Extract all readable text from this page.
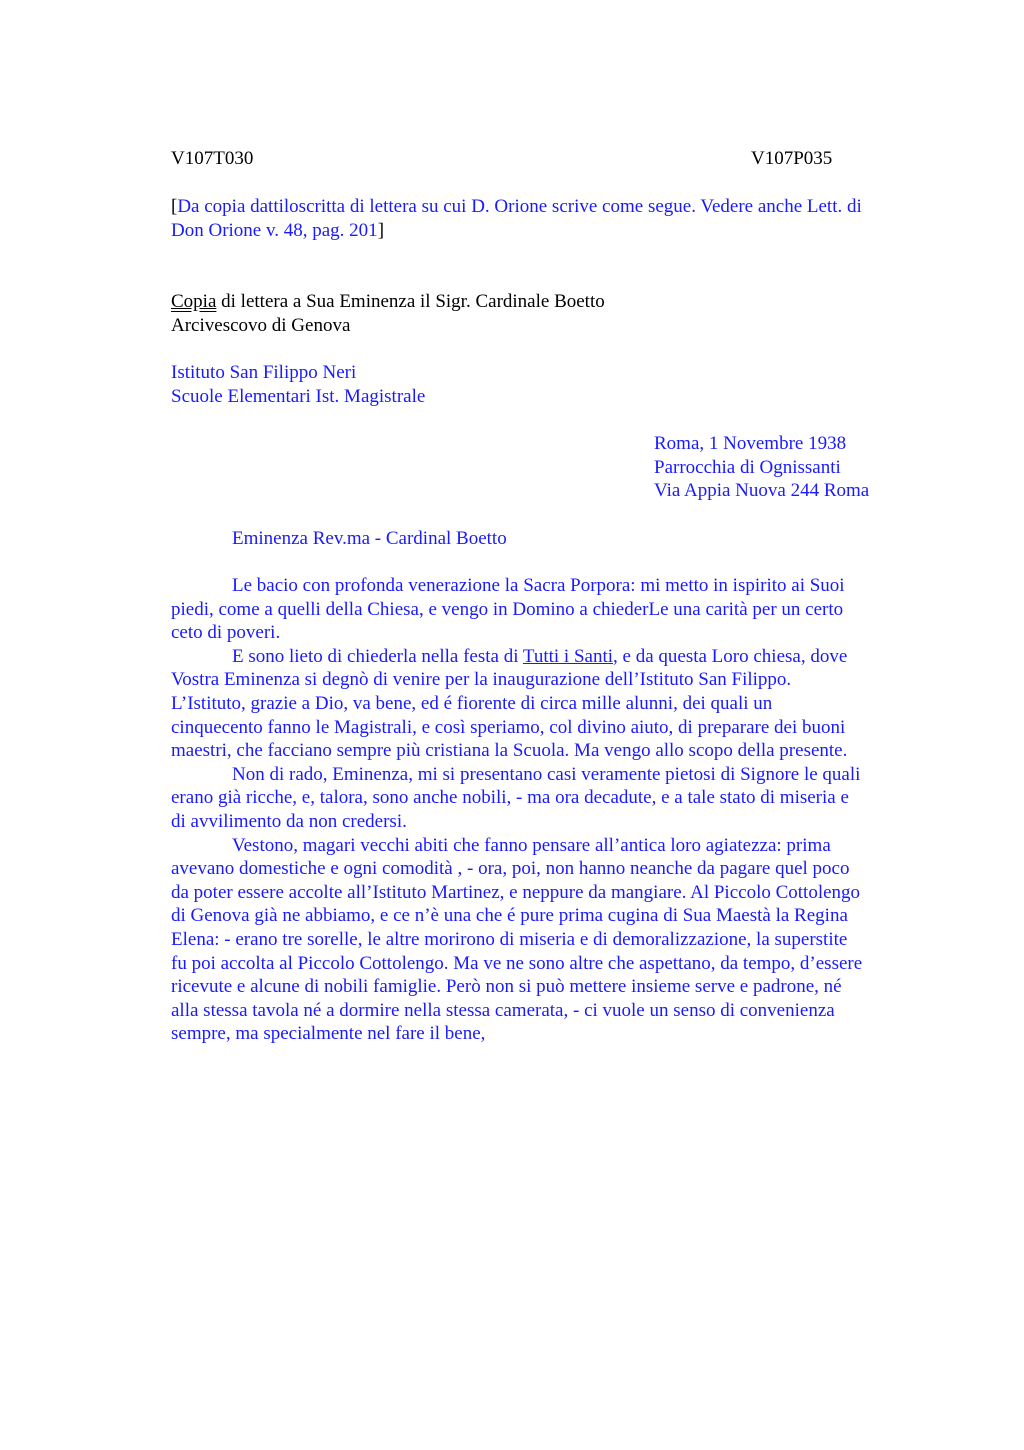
V107T030	V107P035
[Da copia dattiloscritta di lettera su cui D. Orione scrive come segue. Vedere anche Lett. di
Don Orione v. 48, pag. 201]
Copia di lettera a Sua Eminenza il Sigr. Cardinale Boetto
Arcivescovo di Genova
Istituto San Filippo Neri
Scuole Elementari Ist. Magistrale
Roma, 1 Novembre 1938
Parrocchia di Ognissanti
Via Appia Nuova 244 Roma
Eminenza Rev.ma - Cardinal Boetto
Le bacio con profonda venerazione la Sacra Porpora: mi metto in ispirito ai Suoi
piedi, come a quelli della Chiesa, e vengo in Domino a chiederLe una carità per un certo
ceto di poveri.
E sono lieto di chiederla nella festa di Tutti i Santi, e da questa Loro chiesa, dove
Vostra Eminenza si degnò di venire per la inaugurazione dell’Istituto San Filippo.
L’Istituto, grazie a Dio, va bene, ed é fiorente di circa mille alunni, dei quali un
cinquecento fanno le Magistrali, e così speriamo, col divino aiuto, di preparare dei buoni
maestri, che facciano sempre più cristiana la Scuola. Ma vengo allo scopo della presente.
Non di rado, Eminenza, mi si presentano casi veramente pietosi di Signore le quali
erano già ricche, e, talora, sono anche nobili, - ma ora decadute, e a tale stato di miseria e
di avvilimento da non credersi.
Vestono, magari vecchi abiti che fanno pensare all’antica loro agiatezza: prima
avevano domestiche e ogni comodità , - ora, poi, non hanno neanche da pagare quel poco
da poter essere accolte all’Istituto Martinez, e neppure da mangiare. Al Piccolo Cottolengo
di Genova già ne abbiamo, e ce n’è una che é pure prima cugina di Sua Maestà la Regina
Elena: - erano tre sorelle, le altre morirono di miseria e di demoralizzazione, la superstite
fu poi accolta al Piccolo Cottolengo. Ma ve ne sono altre che aspettano, da tempo, d’essere
ricevute e alcune di nobili famiglie. Però non si può mettere insieme serve e padrone, né
alla stessa tavola né a dormire nella stessa camerata, - ci vuole un senso di convenienza
sempre, ma specialmente nel fare il bene,
